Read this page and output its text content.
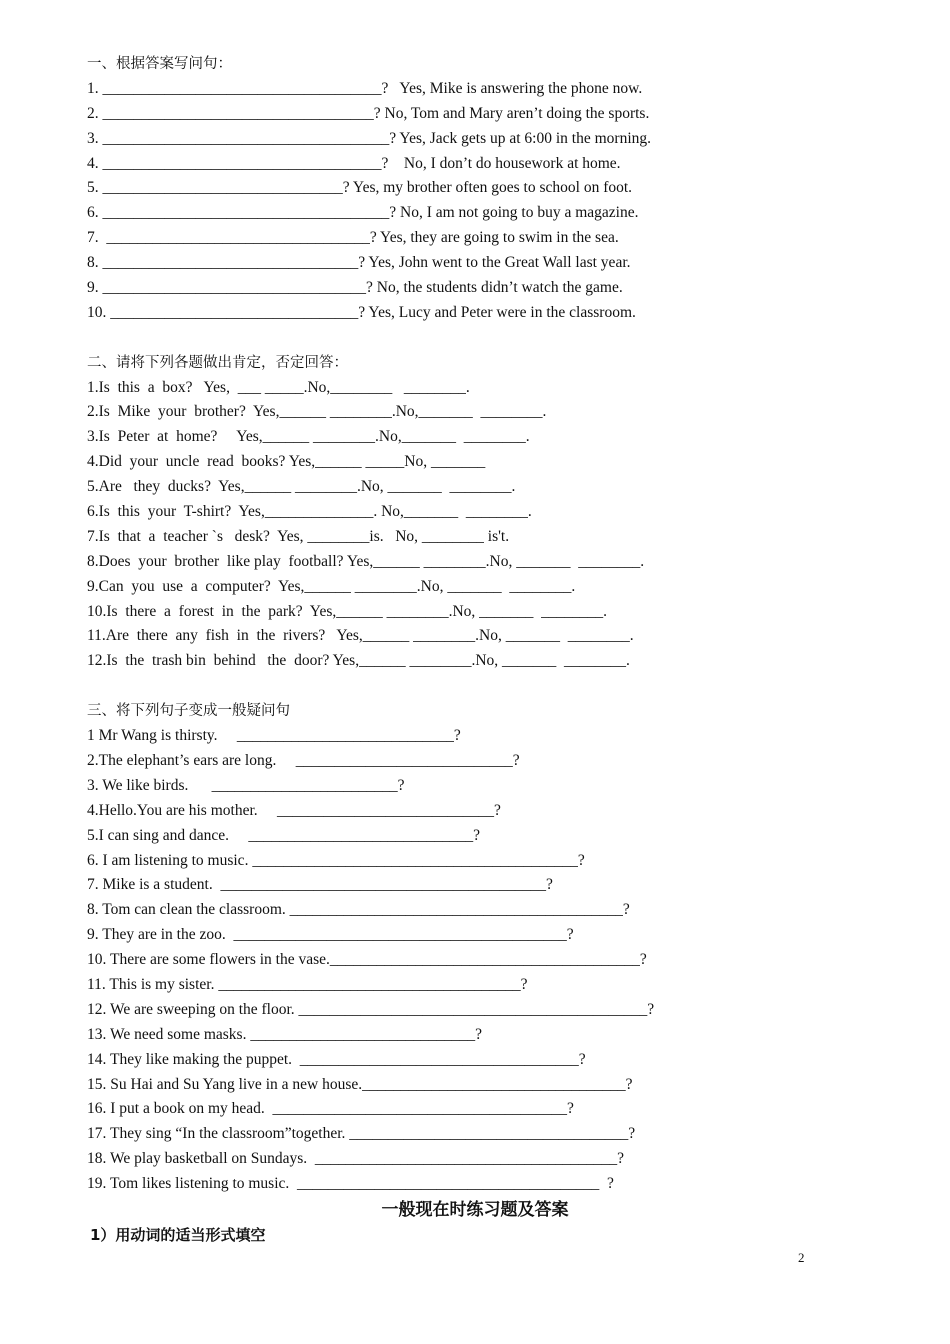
一、根据答案写问句：
1. ____________________________________?   Yes, Mike is answering the phone now.
2. ___________________________________? No, Tom and Mary aren’t doing the sports.
3. _____________________________________? Yes, Jack gets up at 6:00 in the morning.
4. ____________________________________?    No, I don’t do housework at home.
5. _______________________________? Yes, my brother often goes to school on foot.
6. _____________________________________? No, I am not going to buy a magazine.
7.  __________________________________? Yes, they are going to swim in the sea.
8. _________________________________? Yes, John went to the Great Wall last year.
9. __________________________________? No, the students didn’t watch the game.
10. ________________________________? Yes, Lucy and Peter were in the classroom.
二、请将下列各题做出肯定，否定回答：
1.Is  this  a  box?   Yes,  ___ _____.No,________   ________.
2.Is  Mike  your  brother?  Yes,______ ________.No,_______  ________.
3.Is  Peter  at  home?     Yes,______ ________.No,_______  ________.
4.Did  your  uncle  read  books? Yes,______ _____No, _______
5.Are   they  ducks?  Yes,______ ________.No, _______  ________.
6.Is  this  your  T-shirt?  Yes,______________. No,_______  ________.
7.Is  that  a  teacher `s   desk?  Yes, ________is.   No, ________ is't.
8.Does  your  brother  like play  football? Yes,______ ________.No, _______  ________.
9.Can  you  use  a  computer?  Yes,______ ________.No, _______  ________.
10.Is  there  a  forest  in  the  park?  Yes,______ ________.No, _______  ________.
11.Are  there  any  fish  in  the  rivers?   Yes,______ ________.No, _______  ________.
12.Is  the  trash bin  behind   the  door? Yes,______ ________.No, _______  ________.
三、将下列句子变成一般疑问句
1 Mr Wang is thirsty.     ____________________________?
2.The elephant’s ears are long.     ____________________________?
3. We like birds.      ________________________?
4.Hello.You are his mother.     ____________________________?
5.I can sing and dance.     _____________________________?
6. I am listening to music. __________________________________________?
7. Mike is a student.  __________________________________________?
8. Tom can clean the classroom. ___________________________________________?
9. They are in the zoo.  ___________________________________________?
10. There are some flowers in the vase.________________________________________?
11. This is my sister. _______________________________________?
12. We are sweeping on the floor. _____________________________________________?
13. We need some masks. _____________________________?
14. They like making the puppet.  ____________________________________?
15. Su Hai and Su Yang live in a new house.__________________________________?
16. I put a book on my head.  ______________________________________?
17. They sing “In the classroom”together. ____________________________________?
18. We play basketball on Sundays.  _______________________________________?
19. Tom likes listening to music.  _______________________________________  ?
一般现在时练习题及答案
1）用动词的适当形式填空
2
